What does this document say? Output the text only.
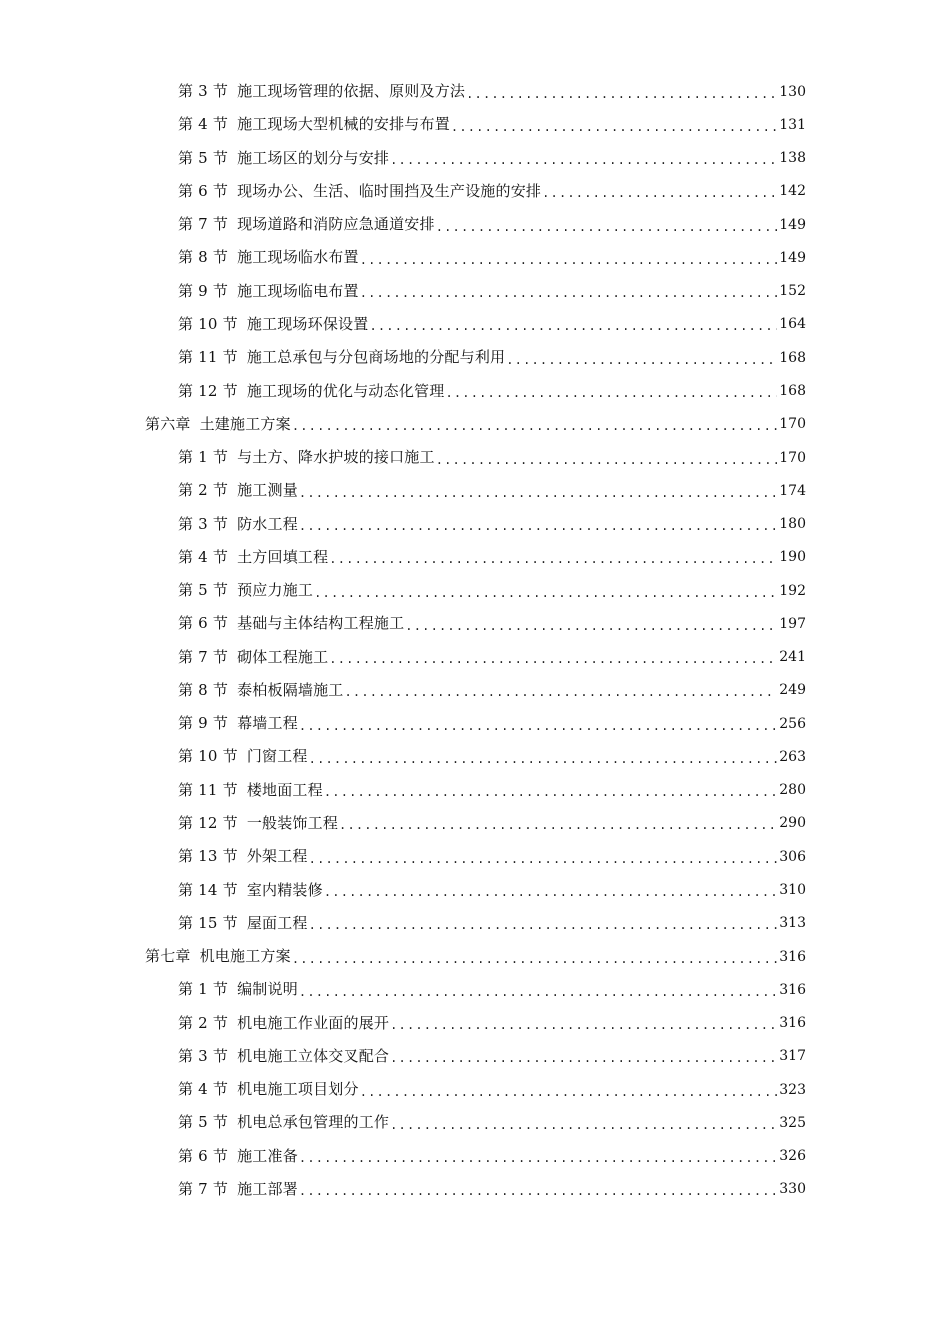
第 3 节 施工现场管理的依据、原则及方法 .....	130
第 4 节 施工现场大型机械的安排与布置 .....	131
第 5 节 施工场区的划分与安排 .....	138
第 6 节 现场办公、生活、临时围挡及生产设施的安排 .....	142
第 7 节 现场道路和消防应急通道安排 .....	149
第 8 节 施工现场临水布置 .....	149
第 9 节 施工现场临电布置 .....	152
第 10 节 施工现场环保设置 .....	164
第 11 节 施工总承包与分包商场地的分配与利用 .....	168
第 12 节 施工现场的优化与动态化管理 .....	168
第六章 土建施工方案 .....	170
第 1 节 与土方、降水护坡的接口施工 .....	170
第 2 节 施工测量 .....	174
第 3 节 防水工程 .....	180
第 4 节 土方回填工程 .....	190
第 5 节 预应力施工 .....	192
第 6 节 基础与主体结构工程施工 .....	197
第 7 节 砌体工程施工 .....	241
第 8 节 泰柏板隔墙施工 .....	249
第 9 节 幕墙工程 .....	256
第 10 节 门窗工程 .....	263
第 11 节 楼地面工程 .....	280
第 12 节 一般装饰工程 .....	290
第 13 节 外架工程 .....	306
第 14 节 室内精装修 .....	310
第 15 节 屋面工程 .....	313
第七章 机电施工方案 .....	316
第 1 节 编制说明 .....	316
第 2 节 机电施工作业面的展开 .....	316
第 3 节 机电施工立体交叉配合 .....	317
第 4 节 机电施工项目划分 .....	323
第 5 节 机电总承包管理的工作 .....	325
第 6 节 施工准备 .....	326
第 7 节 施工部署 .....	330
